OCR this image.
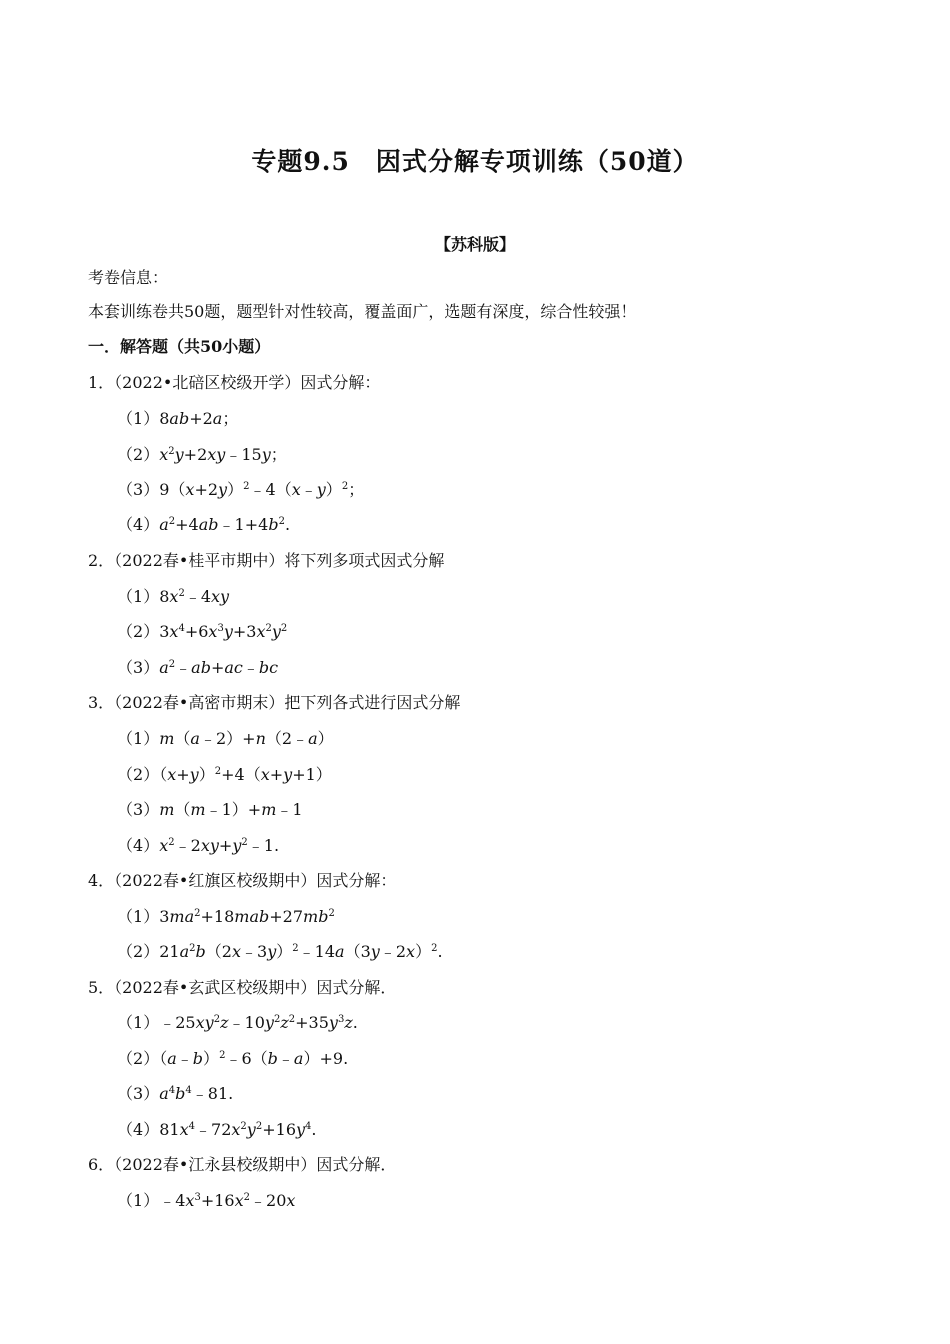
专题9.5　因式分解专项训练（50道）
【苏科版】
考卷信息：
本套训练卷共50题，题型针对性较高，覆盖面广，选题有深度，综合性较强！
一．解答题（共50小题）
1．（2022•北碚区校级开学）因式分解：
（1）8ab+2a；
$(2)x^2y+2xy﹣15y$；
$(3)9(x+2y)^2﹣4(x﹣y)^2$；
$(4)a^2+4ab﹣1+4b^2$.
2．（2022春•桂平市期中）将下列多项式因式分解
$(1)8x^2﹣4xy$
$(2)3x^4+6x^3y+3x^2y^2$
$(3)a^2﹣ab+ac﹣bc$
3．（2022春•高密市期末）把下列各式进行因式分解
（1）m（a﹣2）+n（2﹣a）
$(2)(x+y)^2+4(x+y+1)$
（3）m（m﹣1）+m﹣1
$(4)x^2﹣2xy+y^2﹣1$.
4．（2022春•红旗区校级期中）因式分解：
$(1)3ma^2+18mab+27mb^2$
$(2)21a^2b(2x﹣3y)^2﹣14a(3y﹣2x)^2$.
5．（2022春•玄武区校级期中）因式分解．
$(1)﹣25xy^2z﹣10y^2z^2+35y^3z$.
（2）（a﹣b）$^2$﹣6（b﹣a）+9.
$(3)a^4b^4﹣81$.
$(4)81x^4﹣72x^2y^2+16y^4$.
6．（2022春•江永县校级期中）因式分解．
$(1)﹣4x^3+16x^2﹣20x$
